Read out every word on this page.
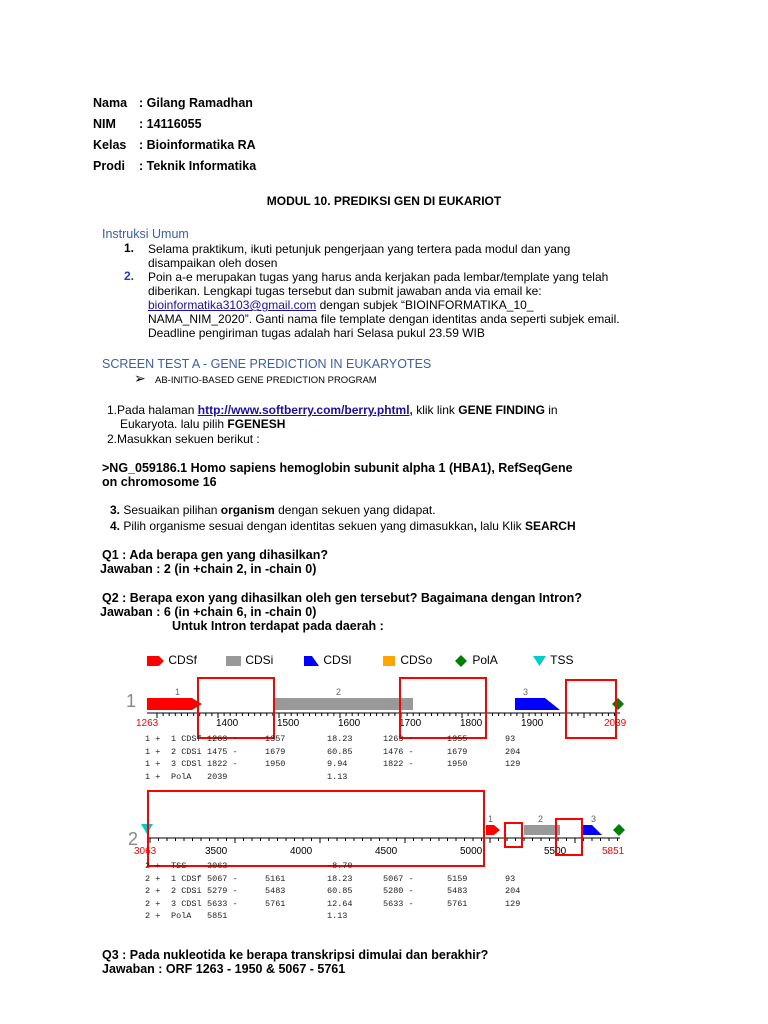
Nama : Gilang Ramadhan
NIM : 14116055
Kelas : Bioinformatika RA
Prodi : Teknik Informatika
MODUL 10. PREDIKSI GEN DI EUKARIOT
Instruksi Umum
1. Selama praktikum, ikuti petunjuk pengerjaan yang tertera pada modul dan yang
disampaikan oleh dosen
2. Poin a-e merupakan tugas yang harus anda kerjakan pada lembar/template yang telah
diberikan. Lengkapi tugas tersebut dan submit jawaban anda via email ke:
bioinformatika3103@gmail.com dengan subjek “BIOINFORMATIKA_10_
NAMA_NIM_2020”. Ganti nama file template dengan identitas anda seperti subjek email.
Deadline pengiriman tugas adalah hari Selasa pukul 23.59 WIB
SCREEN TEST A - GENE PREDICTION IN EUKARYOTES
➢ AB-INITIO-BASED GENE PREDICTION PROGRAM
1.Pada halaman http://www.softberry.com/berry.phtml, klik link GENE FINDING in
Eukaryota. lalu pilih FGENESH
2.Masukkan sekuen berikut :
>NG_059186.1 Homo sapiens hemoglobin subunit alpha 1 (HBA1), RefSeqGene
on chromosome 16
3. Sesuaikan pilihan organism dengan sekuen yang didapat.
4. Pilih organisme sesuai dengan identitas sekuen yang dimasukkan, lalu Klik SEARCH
Q1 : Ada berapa gen yang dihasilkan?
Jawaban : 2 (in +chain 2, in -chain 0)
Q2 : Berapa exon yang dihasilkan oleh gen tersebut? Bagaimana dengan Intron?
Jawaban : 6 (in +chain 6, in -chain 0)
Untuk Intron terdapat pada daerah :
CDSf	CDSi	CDSl	CDSo	PolA	TSS
1	1	2	3
1263	2039
1400	1500	1600	1700	1800	1900
1 + 1 CDSf 1263 -	1357	18.23	1263 -	1355	93
1 + 2 CDSi 1475 -	1679	60.85	1476 -	1679	204
1 + 3 CDSl 1822 -	1950	9.94	1822 -	1950	129
1 + PolA 2039	1.13
2
1	2	3
3063	5851
3500	4000	4500	5000	5500
2 + TSS 3063	-8.70
2 + 1 CDSf 5067 -	5161	18.23	5067 -	5159	93
2 + 2 CDSi 5279 -	5483	60.85	5280 -	5483	204
2 + 3 CDSl 5633 -	5761	12.64	5633 -	5761	129
2 + PolA 5851	1.13
Q3 : Pada nukleotida ke berapa transkripsi dimulai dan berakhir?
Jawaban : ORF 1263 - 1950 & 5067 - 5761
